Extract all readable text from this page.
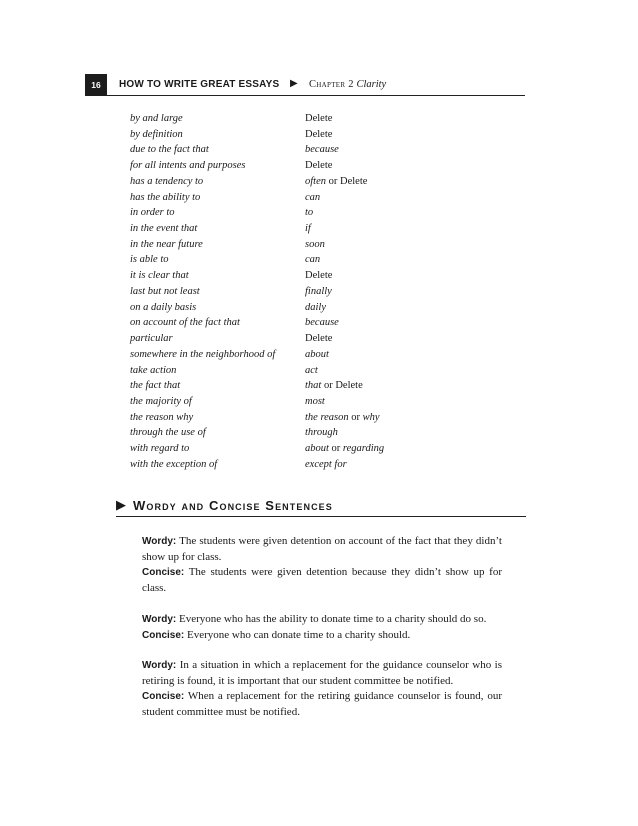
16	HOW TO WRITE GREAT ESSAYS ▶ Chapter 2 Clarity
by and large	Delete
by definition	Delete
due to the fact that	because
for all intents and purposes	Delete
has a tendency to	often or Delete
has the ability to	can
in order to	to
in the event that	if
in the near future	soon
is able to	can
it is clear that	Delete
last but not least	finally
on a daily basis	daily
on account of the fact that	because
particular	Delete
somewhere in the neighborhood of	about
take action	act
the fact that	that or Delete
the majority of	most
the reason why	the reason or why
through the use of	through
with regard to	about or regarding
with the exception of	except for
▶ Wordy and Concise Sentences
Wordy: The students were given detention on account of the fact that they didn’t show up for class.
Concise: The students were given detention because they didn’t show up for class.
Wordy: Everyone who has the ability to donate time to a charity should do so.
Concise: Everyone who can donate time to a charity should.
Wordy: In a situation in which a replacement for the guidance counselor who is retiring is found, it is important that our student committee be notified.
Concise: When a replacement for the retiring guidance counselor is found, our student committee must be notified.
